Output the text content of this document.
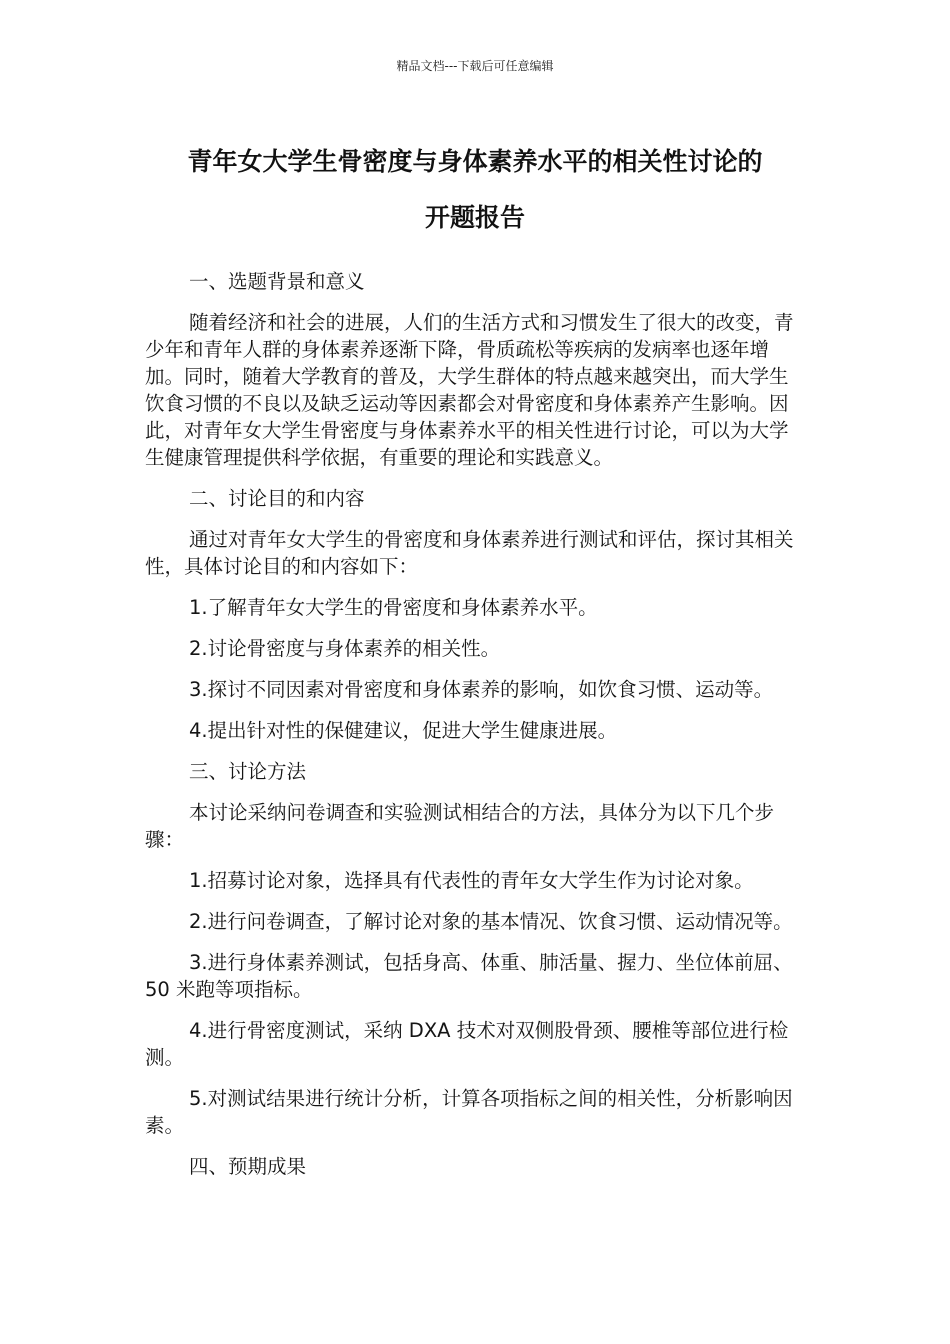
精品文档---下载后可任意编辑
青年女大学生骨密度与身体素养水平的相关性讨论的
开题报告

一、选题背景和意义

随着经济和社会的进展，人们的生活方式和习惯发生了很大的改变，青少年和青年人群的身体素养逐渐下降，骨质疏松等疾病的发病率也逐年增加。同时，随着大学教育的普及，大学生群体的特点越来越突出，而大学生饮食习惯的不良以及缺乏运动等因素都会对骨密度和身体素养产生影响。因此，对青年女大学生骨密度与身体素养水平的相关性进行讨论，可以为大学生健康管理提供科学依据，有重要的理论和实践意义。

二、讨论目的和内容

通过对青年女大学生的骨密度和身体素养进行测试和评估，探讨其相关性，具体讨论目的和内容如下：

1.了解青年女大学生的骨密度和身体素养水平。

2.讨论骨密度与身体素养的相关性。

3.探讨不同因素对骨密度和身体素养的影响，如饮食习惯、运动等。

4.提出针对性的保健建议，促进大学生健康进展。

三、讨论方法

本讨论采纳问卷调查和实验测试相结合的方法，具体分为以下几个步骤：

1.招募讨论对象，选择具有代表性的青年女大学生作为讨论对象。

2.进行问卷调查，了解讨论对象的基本情况、饮食习惯、运动情况等。

3.进行身体素养测试，包括身高、体重、肺活量、握力、坐位体前屈、50 米跑等项指标。

4.进行骨密度测试，采纳 DXA 技术对双侧股骨颈、腰椎等部位进行检测。

5.对测试结果进行统计分析，计算各项指标之间的相关性，分析影响因素。

四、预期成果
